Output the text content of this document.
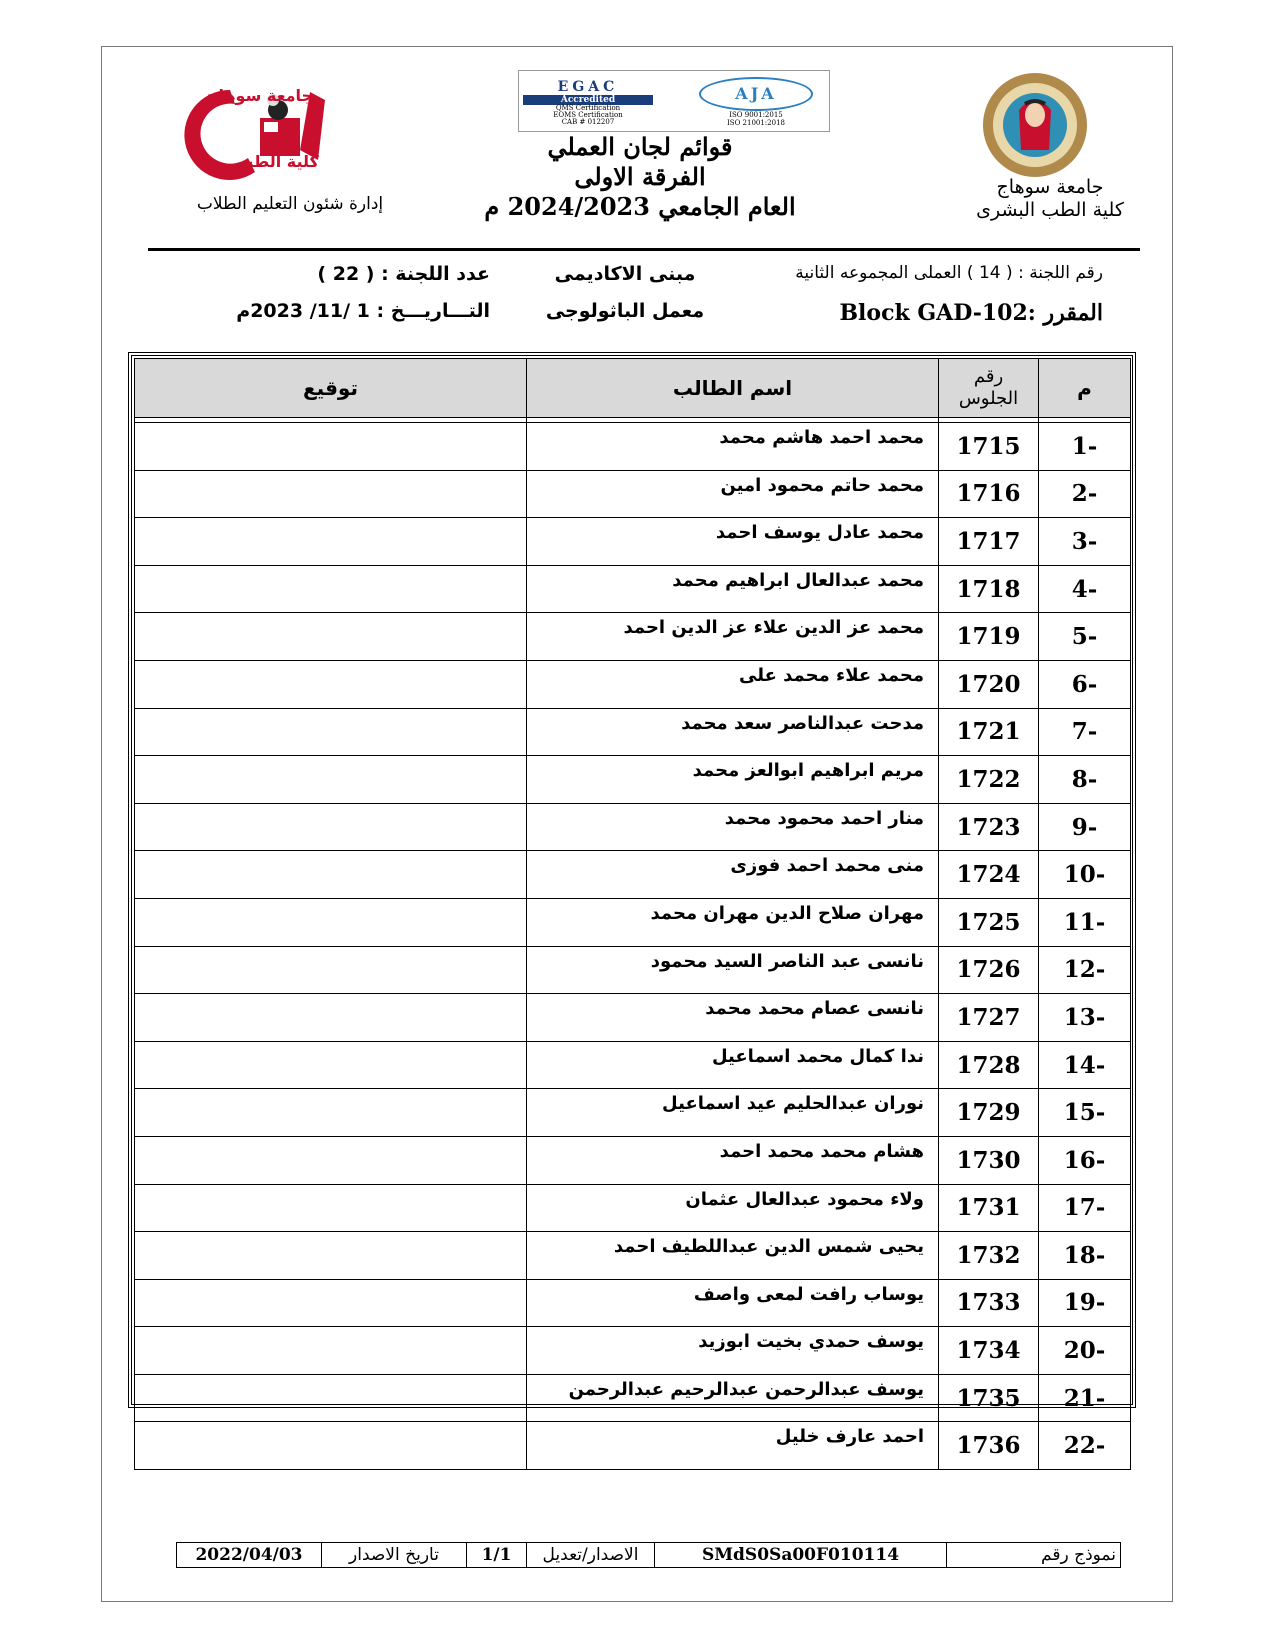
جامعة سوهاج
كلية الطب
إدارة شئون التعليم الطلاب
EGAC
Accredited
QMS Certification
EOMS Certification
CAB # 012207
AJA
ISO 9001:2015
ISO 21001:2018
قوائم لجان العملي
الفرقة الاولى
العام الجامعي 2024/2023 م
جامعة سوهاج
كلية الطب البشرى
رقم اللجنة : ( 14 ) العملى المجموعه الثانية
المقرر :Block GAD-102
مبنى الاكاديمى
معمل الباثولوجى
عدد اللجنة : ( 22 )
التـــاريـــخ : 1 /11/ 2023م
توقيع	اسم الطالب	رقم الجلوس	م

	محمد احمد هاشم محمد	1715	1-
	محمد حاتم محمود امين	1716	2-
	محمد عادل يوسف احمد	1717	3-
	محمد عبدالعال ابراهيم محمد	1718	4-
	محمد عز الدين علاء عز الدين احمد	1719	5-
	محمد علاء محمد على	1720	6-
	مدحت عبدالناصر سعد محمد	1721	7-
	مريم ابراهيم ابوالعز محمد	1722	8-
	منار احمد محمود محمد	1723	9-
	منى محمد احمد فوزى	1724	10-
	مهران صلاح الدين مهران محمد	1725	11-
	نانسى عبد الناصر السيد محمود	1726	12-
	نانسى عصام محمد محمد	1727	13-
	ندا كمال محمد اسماعيل	1728	14-
	نوران عبدالحليم عيد اسماعيل	1729	15-
	هشام محمد محمد احمد	1730	16-
	ولاء محمود عبدالعال عثمان	1731	17-
	يحيى شمس الدين عبداللطيف احمد	1732	18-
	يوساب رافت لمعى واصف	1733	19-
	يوسف حمدي بخيت ابوزيد	1734	20-
	يوسف عبدالرحمن عبدالرحيم عبدالرحمن	1735	21-
	احمد عارف خليل	1736	22-
2022/04/03	تاريخ الاصدار	1/1	الاصدار/تعديل	SMdS0Sa00F010114	نموذج رقم
